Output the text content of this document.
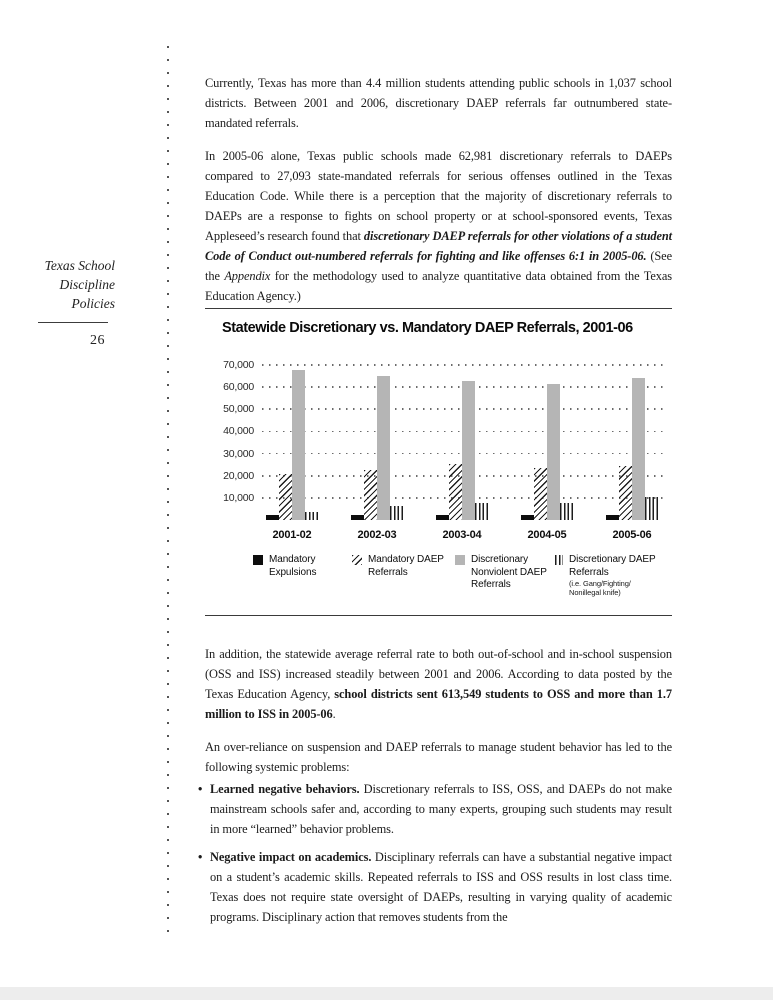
Texas School
Discipline
Policies
26

Currently, Texas has more than 4.4 million students attending public schools in 1,037 school districts. Between 2001 and 2006, discretionary DAEP referrals far outnumbered state-mandated referrals.

In 2005-06 alone, Texas public schools made 62,981 discretionary referrals to DAEPs compared to 27,093 state-mandated referrals for serious offenses outlined in the Texas Education Code. While there is a perception that the majority of discretionary referrals to DAEPs are a response to fights on school property or at school-sponsored events, Texas Appleseed’s research found that discretionary DAEP referrals for other violations of a student Code of Conduct out-numbered referrals for fighting and like offenses 6:1 in 2005-06. (See the Appendix for the methodology used to analyze quantitative data obtained from the Texas Education Agency.)

Statewide Discretionary vs. Mandatory DAEP Referrals, 2001-06
10,000
20,000
30,000
40,000
50,000
60,000
70,000
2001-02	2002-03	2003-04	2004-05	2005-06
Mandatory
Expulsions
Mandatory DAEP
Referrals
Discretionary
Nonviolent DAEP
Referrals
Discretionary DAEP
Referrals
(i.e. Gang/Fighting/
Nonillegal knife)

In addition, the statewide average referral rate to both out-of-school and in-school suspension (OSS and ISS) increased steadily between 2001 and 2006. According to data posted by the Texas Education Agency, school districts sent 613,549 students to OSS and more than 1.7 million to ISS in 2005-06.

An over-reliance on suspension and DAEP referrals to manage student behavior has led to the following systemic problems:

• Learned negative behaviors. Discretionary referrals to ISS, OSS, and DAEPs do not make mainstream schools safer and, according to many experts, grouping such students may result in more “learned” behavior problems.
• Negative impact on academics. Disciplinary referrals can have a substantial negative impact on a student’s academic skills. Repeated referrals to ISS and OSS results in lost class time. Texas does not require state oversight of DAEPs, resulting in varying quality of academic programs. Disciplinary action that removes students from the
